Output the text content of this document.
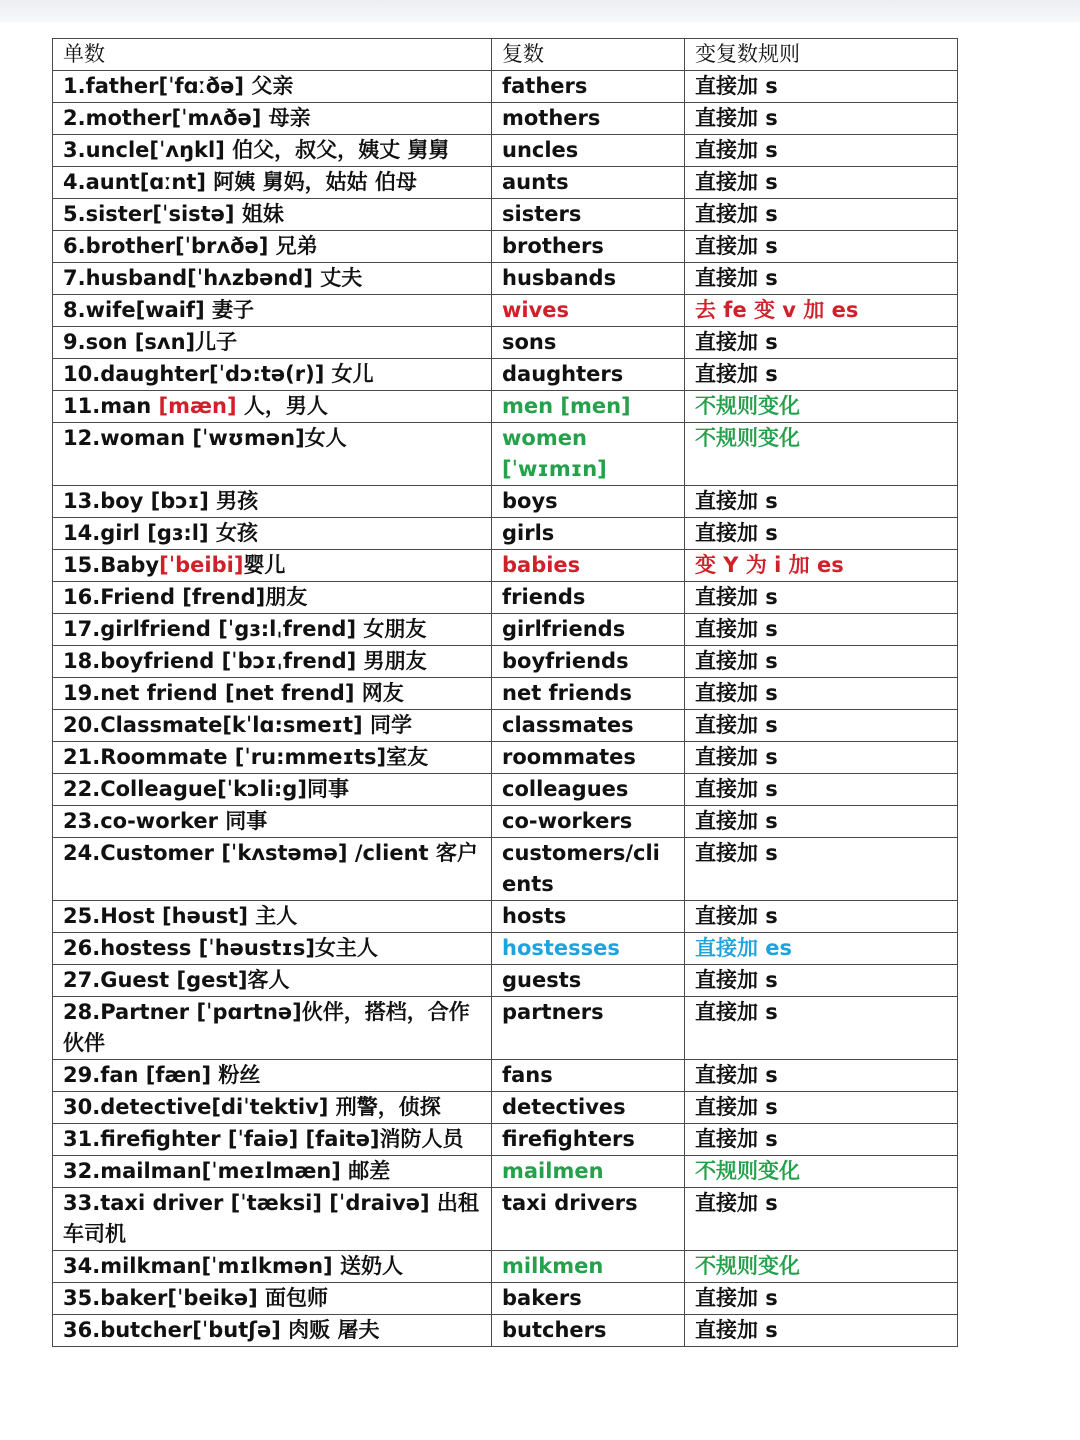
单数	复数	变复数规则
1.father[ˈfɑːðə] 父亲	fathers	直接加 s
2.mother[ˈmʌðə] 母亲	mothers	直接加 s
3.uncle[ˈʌŋkl] 伯父，叔父，姨丈 舅舅	uncles	直接加 s
4.aunt[ɑːnt] 阿姨 舅妈，姑姑 伯母	aunts	直接加 s
5.sister[ˈsistə] 姐妹	sisters	直接加 s
6.brother[ˈbrʌðə] 兄弟	brothers	直接加 s
7.husband[ˈhʌzbənd] 丈夫	husbands	直接加 s
8.wife[waif] 妻子	wives	去 fe 变 v 加 es
9.son [sʌn]儿子	sons	直接加 s
10.daughter[ˈdɔ:tə(r)] 女儿	daughters	直接加 s
11.man [mæn] 人，男人	men [men]	不规则变化
12.woman [ˈwʊmən]女人	women [ˈwɪmɪn]	不规则变化
13.boy [bɔɪ] 男孩	boys	直接加 s
14.girl [gɜ:l] 女孩	girls	直接加 s
15.Baby[ˈbeibi]婴儿	babies	变 Y 为 i 加 es
16.Friend [frend]朋友	friends	直接加 s
17.girlfriend [ˈgɜ:lˌfrend] 女朋友	girlfriends	直接加 s
18.boyfriend [ˈbɔɪˌfrend] 男朋友	boyfriends	直接加 s
19.net friend [net frend] 网友	net friends	直接加 s
20.Classmate[kˈlɑ:smeɪt] 同学	classmates	直接加 s
21.Roommate [ˈru:mmeɪts]室友	roommates	直接加 s
22.Colleague[ˈkɔli:g]同事	colleagues	直接加 s
23.co-worker 同事	co-workers	直接加 s
24.Customer [ˈkʌstəmə] /client 客户	customers/clients	直接加 s
25.Host [həust] 主人	hosts	直接加 s
26.hostess [ˈhəustɪs]女主人	hostesses	直接加 es
27.Guest [gest]客人	guests	直接加 s
28.Partner [ˈpɑrtnə]伙伴，搭档，合作伙伴	partners	直接加 s
29.fan [fæn] 粉丝	fans	直接加 s
30.detective[diˈtektiv] 刑警，侦探	detectives	直接加 s
31.firefighter [ˈfaiə] [faitə]消防人员	firefighters	直接加 s
32.mailman[ˈmeɪlmæn] 邮差	mailmen	不规则变化
33.taxi driver [ˈtæksi] [ˈdraivə] 出租车司机	taxi drivers	直接加 s
34.milkman[ˈmɪlkmən] 送奶人	milkmen	不规则变化
35.baker[ˈbeikə] 面包师	bakers	直接加 s
36.butcher[ˈbutʃə] 肉贩 屠夫	butchers	直接加 s
